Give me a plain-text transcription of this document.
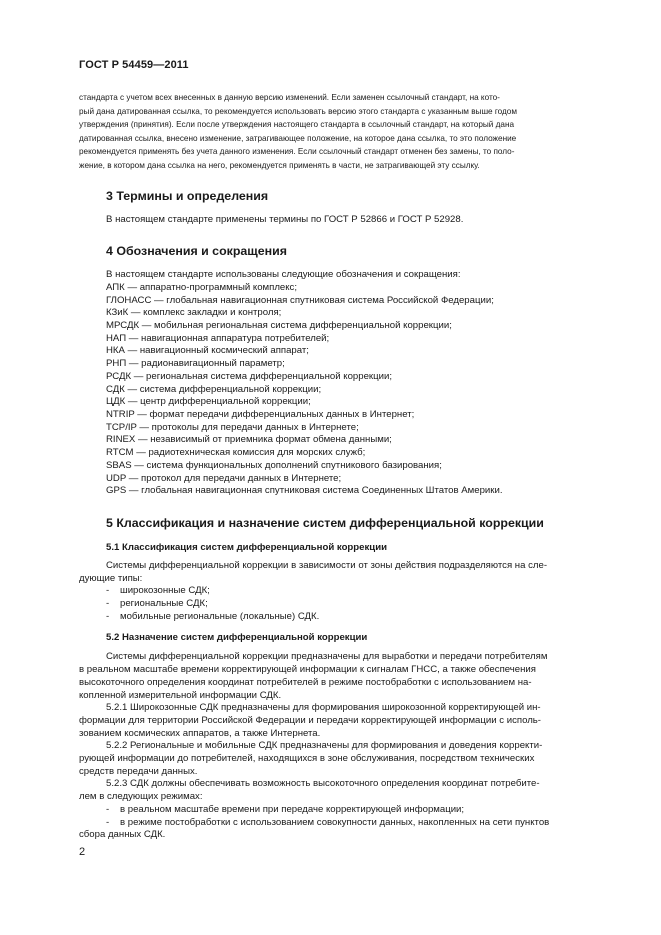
ГОСТ Р 54459—2011

стандарта с учетом всех внесенных в данную версию изменений. Если заменен ссылочный стандарт, на кото-

рый дана датированная ссылка, то рекомендуется использовать версию этого стандарта с указанным выше годом

утверждения (принятия). Если после утверждения настоящего стандарта в ссылочный стандарт, на который дана

датированная ссылка, внесено изменение, затрагивающее положение, на которое дана ссылка, то это положение

рекомендуется применять без учета данного изменения. Если ссылочный стандарт отменен без замены, то поло-

жение, в котором дана ссылка на него, рекомендуется применять в части, не затрагивающей эту ссылку.

3 Термины и определения

В настоящем стандарте применены термины по ГОСТ Р 52866 и ГОСТ Р 52928.

4 Обозначения и сокращения

В настоящем стандарте использованы следующие обозначения и сокращения:

АПК — аппаратно-программный комплекс;

ГЛОНАСС — глобальная навигационная спутниковая система Российской Федерации;

КЗиК — комплекс закладки и контроля;

МРСДК — мобильная региональная система дифференциальной коррекции;

НАП — навигационная аппаратура потребителей;

НКА — навигационный космический аппарат;

РНП — радионавигационный параметр;

РСДК — региональная система дифференциальной коррекции;

СДК — система дифференциальной коррекции;

ЦДК — центр дифференциальной коррекции;

NTRIP — формат передачи дифференциальных данных в Интернет;

TCP/IP — протоколы для передачи данных в Интернете;

RINEX — независимый от приемника формат обмена данными;

RTCM — радиотехническая комиссия для морских служб;

SBAS — система функциональных дополнений спутникового базирования;

UDP — протокол для передачи данных в Интернете;

GPS — глобальная навигационная спутниковая система Соединенных Штатов Америки.

5 Классификация и назначение систем дифференциальной коррекции
5.1 Классификация систем дифференциальной коррекции

Системы дифференциальной коррекции в зависимости от зоны действия подразделяются на сле-

дующие типы:

- широкозонные СДК;

- региональные СДК;

- мобильные региональные (локальные) СДК.

5.2 Назначение систем дифференциальной коррекции

Системы дифференциальной коррекции предназначены для выработки и передачи потребителям

в реальном масштабе времени корректирующей информации к сигналам ГНСС, а также обеспечения

высокоточного определения координат потребителей в режиме постобработки с использованием на-

копленной измерительной информации СДК.

5.2.1 Широкозонные СДК предназначены для формирования широкозонной корректирующей ин-

формации для территории Российской Федерации и передачи корректирующей информации с исполь-

зованием космических аппаратов, а также Интернета.

5.2.2 Региональные и мобильные СДК предназначены для формирования и доведения корректи-

рующей информации до потребителей, находящихся в зоне обслуживания, посредством технических

средств передачи данных.

5.2.3 СДК должны обеспечивать возможность высокоточного определения координат потребите-

лем в следующих режимах:

- в реальном масштабе времени при передаче корректирующей информации;

- в режиме постобработки с использованием совокупности данных, накопленных на сети пунктов

сбора данных СДК.

2
